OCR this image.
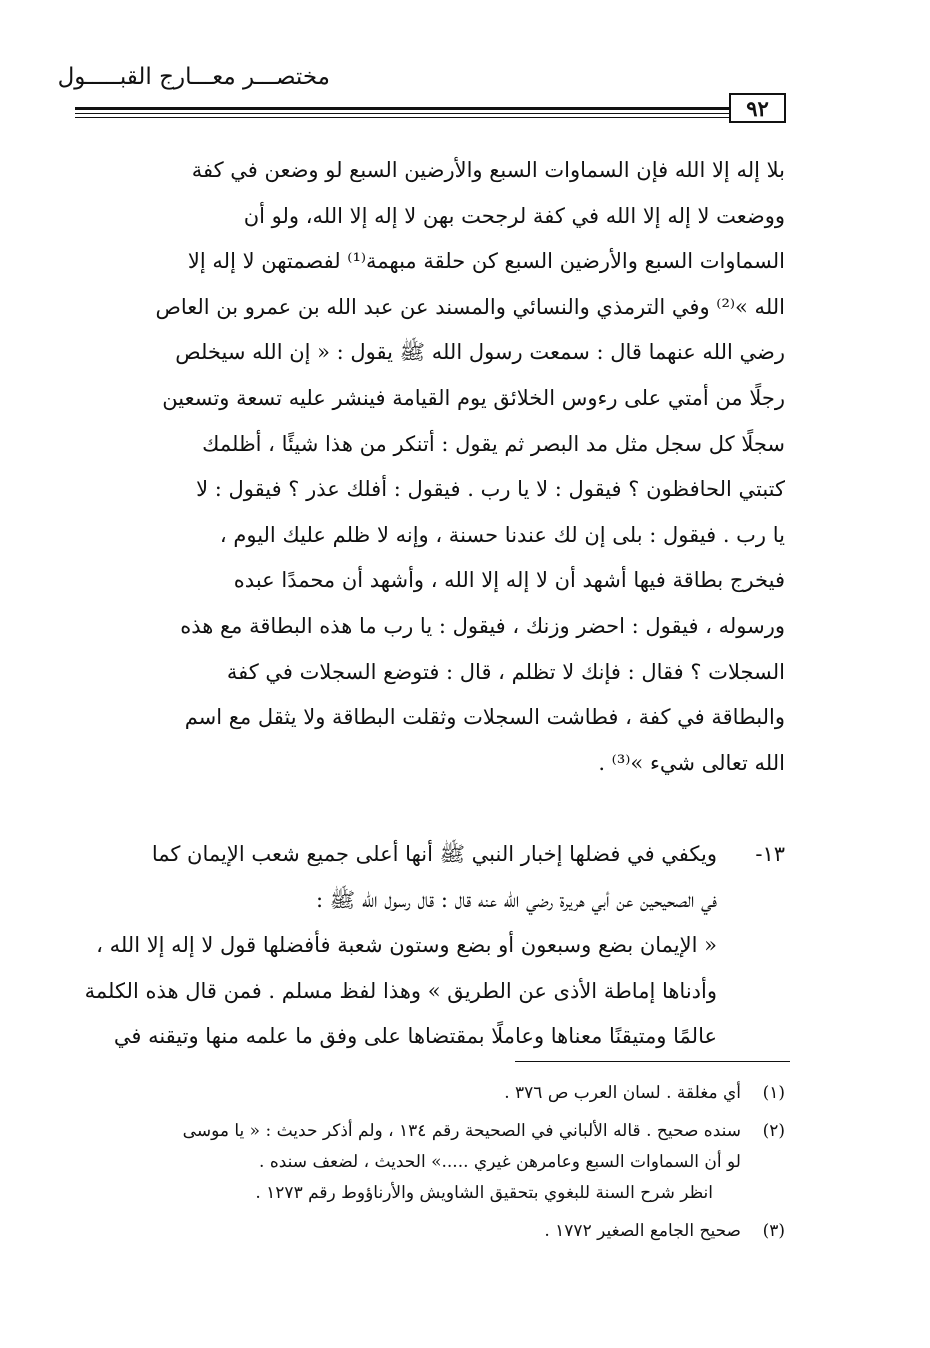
مختصـــر معـــارج القبـــــول
٩٢
بلا إله إلا الله فإن السماوات السبع والأرضين السبع لو وضعن في كفة
ووضعت لا إله إلا الله في كفة لرجحت بهن لا إله إلا الله، ولو أن
السماوات السبع والأرضين السبع كن حلقة مبهمة⁽¹⁾ لفصمتهن لا إله إلا
الله »⁽²⁾ وفي الترمذي والنسائي والمسند عن عبد الله بن عمرو بن العاص
رضي الله عنهما قال : سمعت رسول الله ﷺ يقول : « إن الله سيخلص
رجلًا من أمتي على رءوس الخلائق يوم القيامة فينشر عليه تسعة وتسعين
سجلًا كل سجل مثل مد البصر ثم يقول : أتنكر من هذا شيئًا ، أظلمك
كتبتي الحافظون ؟ فيقول : لا يا رب . فيقول : أفلك عذر ؟ فيقول : لا
يا رب . فيقول : بلى إن لك عندنا حسنة ، وإنه لا ظلم عليك اليوم ،
فيخرج بطاقة فيها أشهد أن لا إله إلا الله ، وأشهد أن محمدًا عبده
ورسوله ، فيقول : احضر وزنك ، فيقول : يا رب ما هذه البطاقة مع هذه
السجلات ؟ فقال : فإنك لا تظلم ، قال : فتوضع السجلات في كفة
والبطاقة في كفة ، فطاشت السجلات وثقلت البطاقة ولا يثقل مع اسم
الله تعالى شيء »⁽³⁾ .
١٣-
ويكفي في فضلها إخبار النبي ﷺ أنها أعلى جميع شعب الإيمان كما
في الصحيحين عن أبي هريرة رضي الله عنه قال : قال رسول الله ﷺ :
« الإيمان بضع وسبعون أو بضع وستون شعبة فأفضلها قول لا إله إلا الله ،
وأدناها إماطة الأذى عن الطريق » وهذا لفظ مسلم . فمن قال هذه الكلمة
عالمًا ومتيقنًا معناها وعاملًا بمقتضاها على وفق ما علمه منها وتيقنه في
(١)
أي مغلقة . لسان العرب ص ٣٧٦ .
(٢)
سنده صحيح . قاله الألباني في الصحيحة رقم ١٣٤ ، ولم أذكر حديث : « يا موسى
لو أن السماوات السبع وعامرهن غيري .....» الحديث ، لضعف سنده .
انظر شرح السنة للبغوي بتحقيق الشاويش والأرناؤوط رقم ١٢٧٣ .
(٣)
صحيح الجامع الصغير ١٧٧٢ .
